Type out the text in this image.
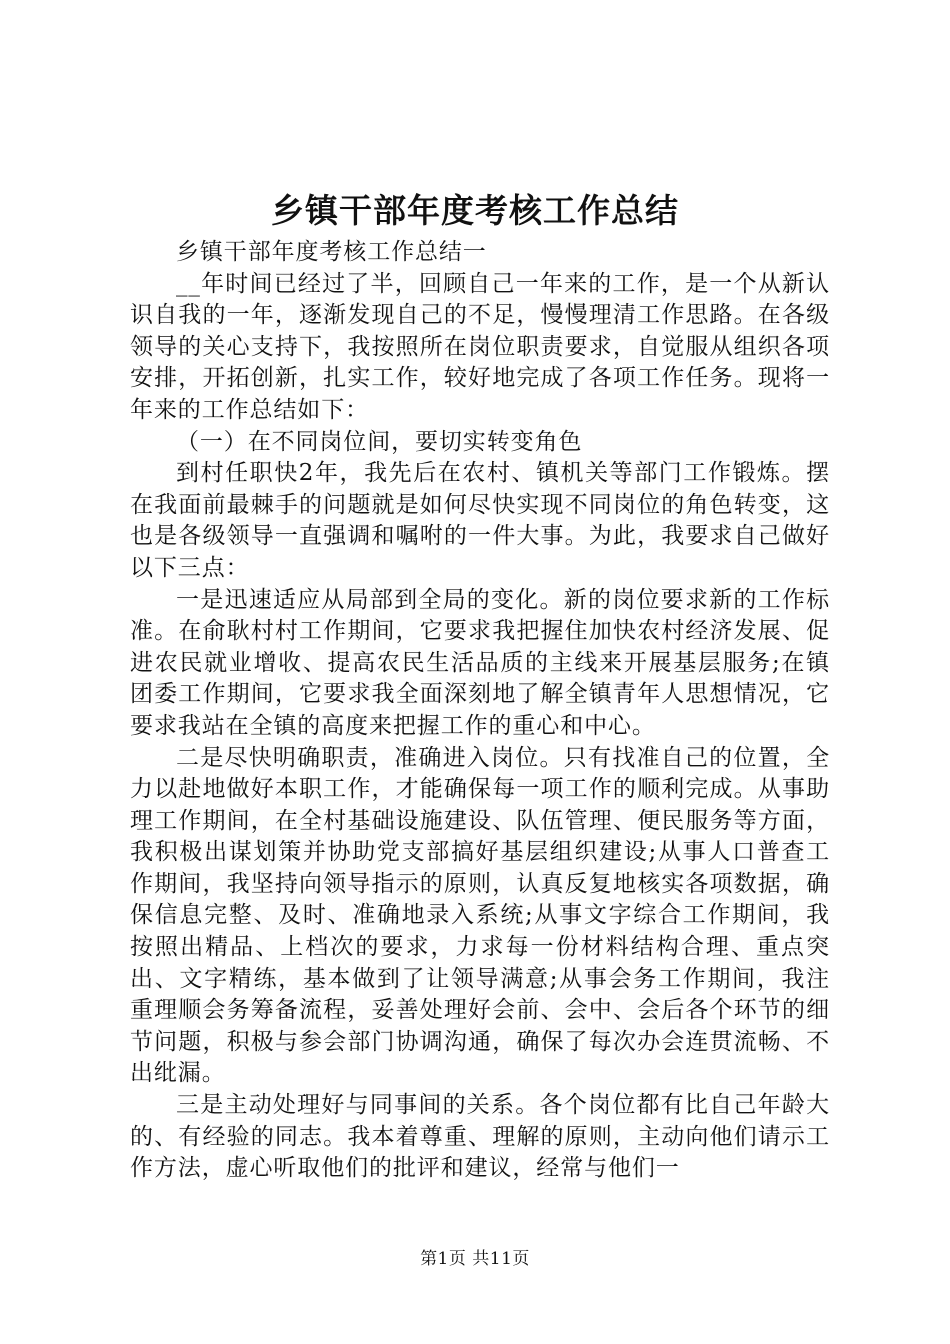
乡镇干部年度考核工作总结

乡镇干部年度考核工作总结一

__年时间已经过了半，回顾自己一年来的工作，是一个从新认识自我的一年，逐渐发现自己的不足，慢慢理清工作思路。在各级领导的关心支持下，我按照所在岗位职责要求，自觉服从组织各项安排，开拓创新，扎实工作，较好地完成了各项工作任务。现将一年来的工作总结如下：

（一）在不同岗位间，要切实转变角色

到村任职快2年，我先后在农村、镇机关等部门工作锻炼。摆在我面前最棘手的问题就是如何尽快实现不同岗位的角色转变，这也是各级领导一直强调和嘱咐的一件大事。为此，我要求自己做好以下三点：

一是迅速适应从局部到全局的变化。新的岗位要求新的工作标准。在俞耿村村工作期间，它要求我把握住加快农村经济发展、促进农民就业增收、提高农民生活品质的主线来开展基层服务;在镇团委工作期间，它要求我全面深刻地了解全镇青年人思想情况，它要求我站在全镇的高度来把握工作的重心和中心。

二是尽快明确职责，准确进入岗位。只有找准自己的位置，全力以赴地做好本职工作，才能确保每一项工作的顺利完成。从事助理工作期间，在全村基础设施建设、队伍管理、便民服务等方面，我积极出谋划策并协助党支部搞好基层组织建设;从事人口普查工作期间，我坚持向领导指示的原则，认真反复地核实各项数据，确保信息完整、及时、准确地录入系统;从事文字综合工作期间，我按照出精品、上档次的要求，力求每一份材料结构合理、重点突出、文字精练，基本做到了让领导满意;从事会务工作期间，我注重理顺会务筹备流程，妥善处理好会前、会中、会后各个环节的细节问题，积极与参会部门协调沟通，确保了每次办会连贯流畅、不出纰漏。

三是主动处理好与同事间的关系。各个岗位都有比自己年龄大的、有经验的同志。我本着尊重、理解的原则，主动向他们请示工作方法，虚心听取他们的批评和建议，经常与他们一

第1页 共11页
